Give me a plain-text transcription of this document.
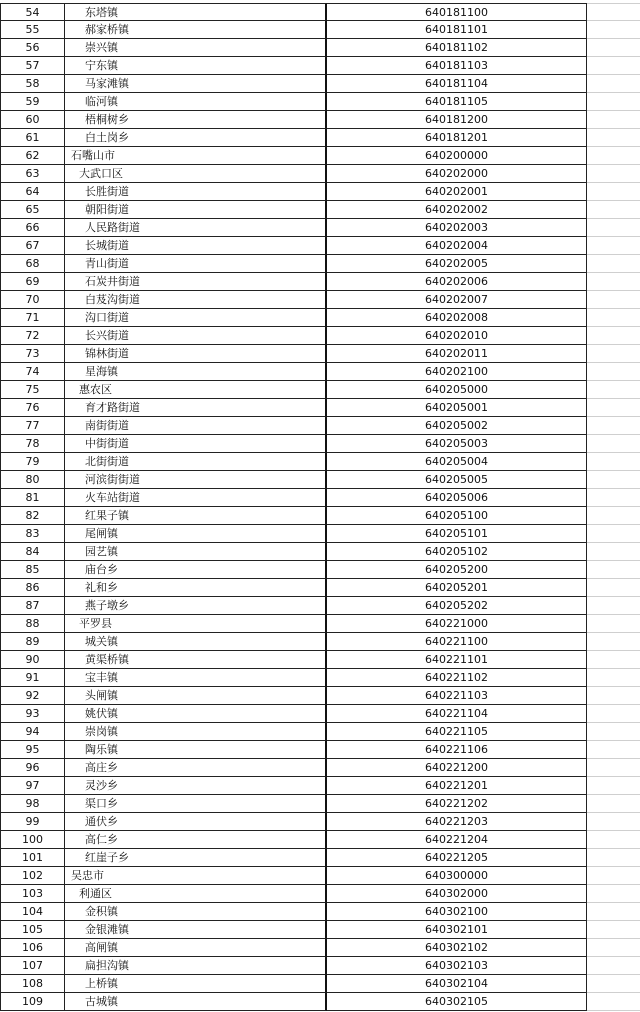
54	东塔镇	640181100
55	郝家桥镇	640181101
56	崇兴镇	640181102
57	宁东镇	640181103
58	马家滩镇	640181104
59	临河镇	640181105
60	梧桐树乡	640181200
61	白土岗乡	640181201
62	石嘴山市	640200000
63	大武口区	640202000
64	长胜街道	640202001
65	朝阳街道	640202002
66	人民路街道	640202003
67	长城街道	640202004
68	青山街道	640202005
69	石炭井街道	640202006
70	白芨沟街道	640202007
71	沟口街道	640202008
72	长兴街道	640202010
73	锦林街道	640202011
74	星海镇	640202100
75	惠农区	640205000
76	育才路街道	640205001
77	南街街道	640205002
78	中街街道	640205003
79	北街街道	640205004
80	河滨街街道	640205005
81	火车站街道	640205006
82	红果子镇	640205100
83	尾闸镇	640205101
84	园艺镇	640205102
85	庙台乡	640205200
86	礼和乡	640205201
87	燕子墩乡	640205202
88	平罗县	640221000
89	城关镇	640221100
90	黄渠桥镇	640221101
91	宝丰镇	640221102
92	头闸镇	640221103
93	姚伏镇	640221104
94	崇岗镇	640221105
95	陶乐镇	640221106
96	高庄乡	640221200
97	灵沙乡	640221201
98	渠口乡	640221202
99	通伏乡	640221203
100	高仁乡	640221204
101	红崖子乡	640221205
102	吴忠市	640300000
103	利通区	640302000
104	金积镇	640302100
105	金银滩镇	640302101
106	高闸镇	640302102
107	扁担沟镇	640302103
108	上桥镇	640302104
109	古城镇	640302105
